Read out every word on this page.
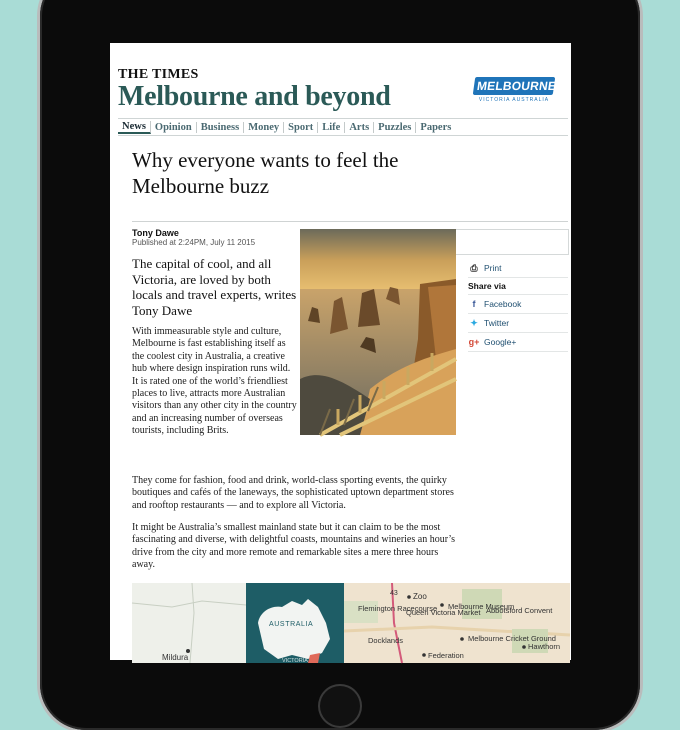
THE TIMES
Melbourne and beyond	MELBOURNE
VICTORIA AUSTRALIA
News Opinion Business Money Sport Life Arts Puzzles Papers
Why everyone wants to feel the Melbourne buzz
Tony Dawe
Published at 2:24PM, July 11 2015
The capital of cool, and all Victoria, are loved by both locals and travel experts, writes Tony Dawe
With immeasurable style and culture, Melbourne is fast establishing itself as the coolest city in Australia, a creative hub where design inspiration runs wild. It is rated one of the world’s friendliest places to live, attracts more Australian visitors than any other city in the country and an increasing number of overseas tourists, including Brits.
They come for fashion, food and drink, world-class sporting events, the quirky boutiques and cafés of the laneways, the sophisticated uptown department stores and rooftop restaurants — and to explore all Victoria.
It might be Australia’s smallest mainland state but it can claim to be the most fascinating and diverse, with delightful coasts, mountains and wineries an hour’s drive from the city and more remote and remarkable sites a mere three hours away.
⎙ Print
Share via
f	Facebook
✦ Twitter
g+ Google+
Mildura
AUSTRALIA
VICTORIA
43 Zoo
Flemington Racecourse
Queen Victoria Market
Melbourne Museum
Abbotsford Convent
Docklands	Melbourne Cricket Ground
Hawthorn
Federation
